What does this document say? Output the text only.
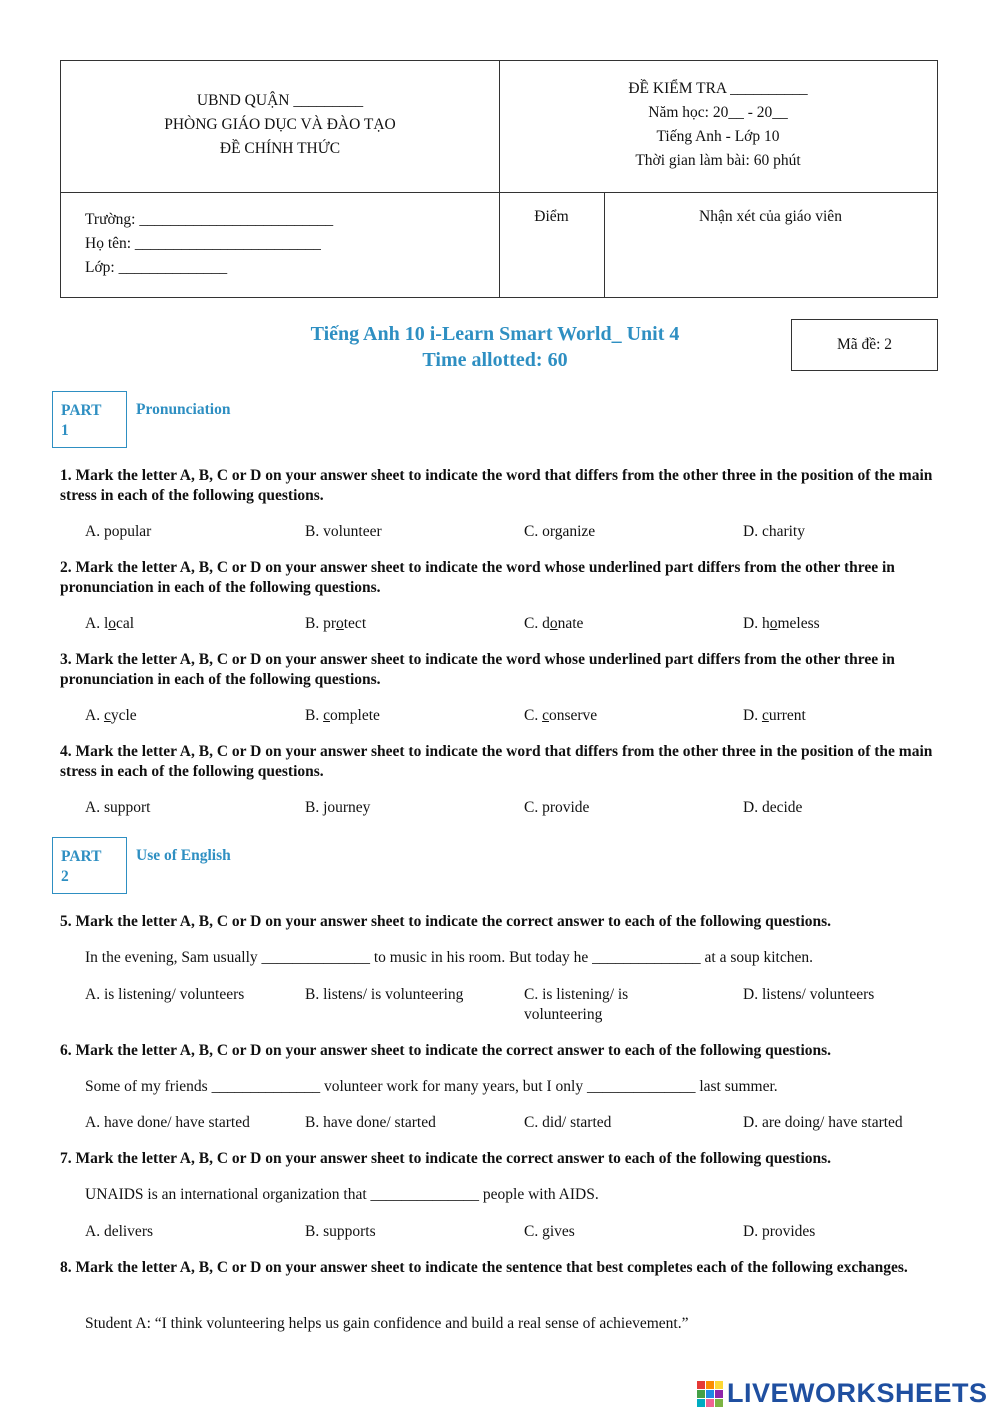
UBND QUẬN _________
PHÒNG GIÁO DỤC VÀ ĐÀO TẠO
ĐỀ CHÍNH THỨC
ĐỀ KIỂM TRA __________
Năm học: 20__ - 20__
Tiếng Anh - Lớp 10
Thời gian làm bài: 60 phút
Trường: _________________________
Họ tên: ________________________
Lớp: ______________
Điểm	Nhận xét của giáo viên
Tiếng Anh 10 i-Learn Smart World_ Unit 4
Time allotted: 60
Mã đề: 2
PART
1
Pronunciation
1. Mark the letter A, B, C or D on your answer sheet to indicate the word that differs from the other three in the position of the main stress in each of the following questions.
A. popular	B. volunteer	C. organize	D. charity
2. Mark the letter A, B, C or D on your answer sheet to indicate the word whose underlined part differs from the other three in pronunciation in each of the following questions.
A. local	B. protect	C. donate	D. homeless
3. Mark the letter A, B, C or D on your answer sheet to indicate the word whose underlined part differs from the other three in pronunciation in each of the following questions.
A. cycle	B. complete	C. conserve	D. current
4. Mark the letter A, B, C or D on your answer sheet to indicate the word that differs from the other three in the position of the main stress in each of the following questions.
A. support	B. journey	C. provide	D. decide
PART
2
Use of English
5. Mark the letter A, B, C or D on your answer sheet to indicate the correct answer to each of the following questions.
In the evening, Sam usually ______________ to music in his room. But today he ______________ at a soup kitchen.
A. is listening/ volunteers	B. listens/ is volunteering	C. is listening/ is volunteering
D. listens/ volunteers
6. Mark the letter A, B, C or D on your answer sheet to indicate the correct answer to each of the following questions.
Some of my friends ______________ volunteer work for many years, but I only ______________ last summer.
A. have done/ have started	B. have done/ started	C. did/ started	D. are doing/ have started
7. Mark the letter A, B, C or D on your answer sheet to indicate the correct answer to each of the following questions.
UNAIDS is an international organization that ______________ people with AIDS.
A. delivers	B. supports	C. gives	D. provides
8. Mark the letter A, B, C or D on your answer sheet to indicate the sentence that best completes each of the following exchanges.
Student A: “I think volunteering helps us gain confidence and build a real sense of achievement.”
LIVEWORKSHEETS
